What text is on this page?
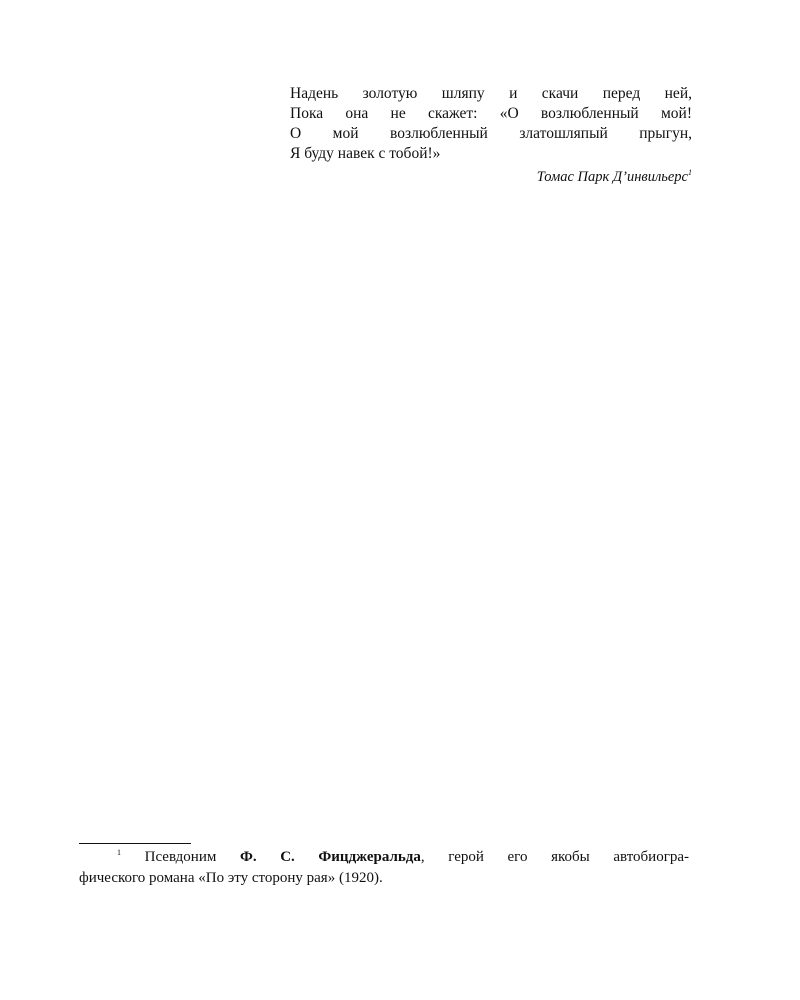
Надень золотую шляпу и скачи перед ней,
Пока она не скажет: «О возлюбленный мой!
О мой возлюбленный златошляпый прыгун,
Я буду навек с тобой!»
Томас Парк Д’инвильерс$^1$
$^1$ Псевдоним Ф. С. Фицджеральда, герой его якобы автобиогра-
фического романа «По эту сторону рая» (1920).
